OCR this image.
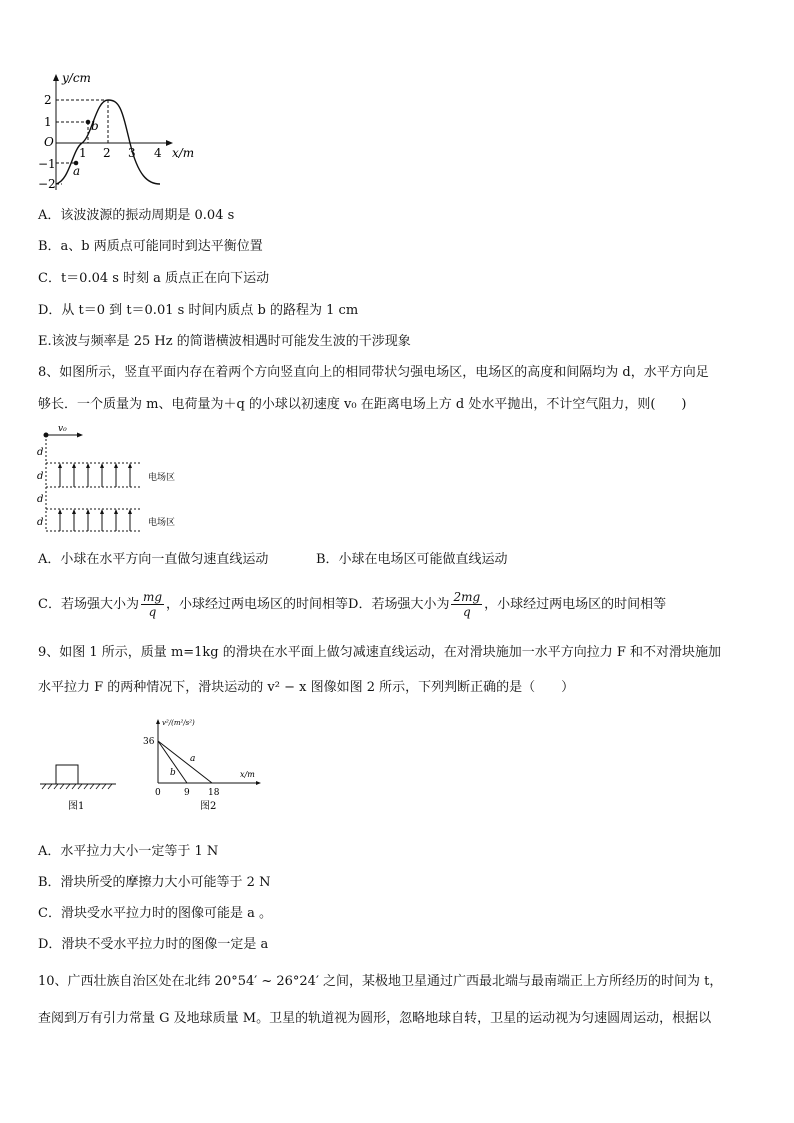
y/cm
x/m
O
2
1
−1
−2
1 2 3 4
b
a
A．该波波源的振动周期是 0.04 s
B．a、b 两质点可能同时到达平衡位置
C．t＝0.04 s 时刻 a 质点正在向下运动
D．从 t＝0 到 t＝0.01 s 时间内质点 b 的路程为 1 cm
E.该波与频率是 25 Hz 的简谐横波相遇时可能发生波的干涉现象
8、如图所示，竖直平面内存在着两个方向竖直向上的相同带状匀强电场区，电场区的高度和间隔均为 d，水平方向足
够长．一个质量为 m、电荷量为＋q 的小球以初速度 v₀ 在距离电场上方 d 处水平抛出，不计空气阻力，则(　　)
v₀
d
d
d
d
电场区
电场区
A．小球在水平方向一直做匀速直线运动	B．小球在电场区可能做直线运动
C．若场强大小为 $\frac{mg}{q}$ ，小球经过两电场区的时间相等D．若场强大小为 $\frac{2mg}{q}$ ，小球经过两电场区的时间相等
9、如图 1 所示，质量 m=1kg 的滑块在水平面上做匀减速直线运动，在对滑块施加一水平方向拉力 F 和不对滑块施加
水平拉力 F 的两种情况下，滑块运动的 v² − x 图像如图 2 所示，下列判断正确的是（　　）
图1
v²/(m²/s²)
x/m
36
0	9 18
a
b
图2
A．水平拉力大小一定等于 1 N
B．滑块所受的摩擦力大小可能等于 2 N
C．滑块受水平拉力时的图像可能是 a 。
D．滑块不受水平拉力时的图像一定是 a
10、广西壮族自治区处在北纬 20°54′ ~ 26°24′ 之间，某极地卫星通过广西最北端与最南端正上方所经历的时间为 t，
查阅到万有引力常量 G 及地球质量 M。卫星的轨道视为圆形，忽略地球自转，卫星的运动视为匀速圆周运动，根据以
